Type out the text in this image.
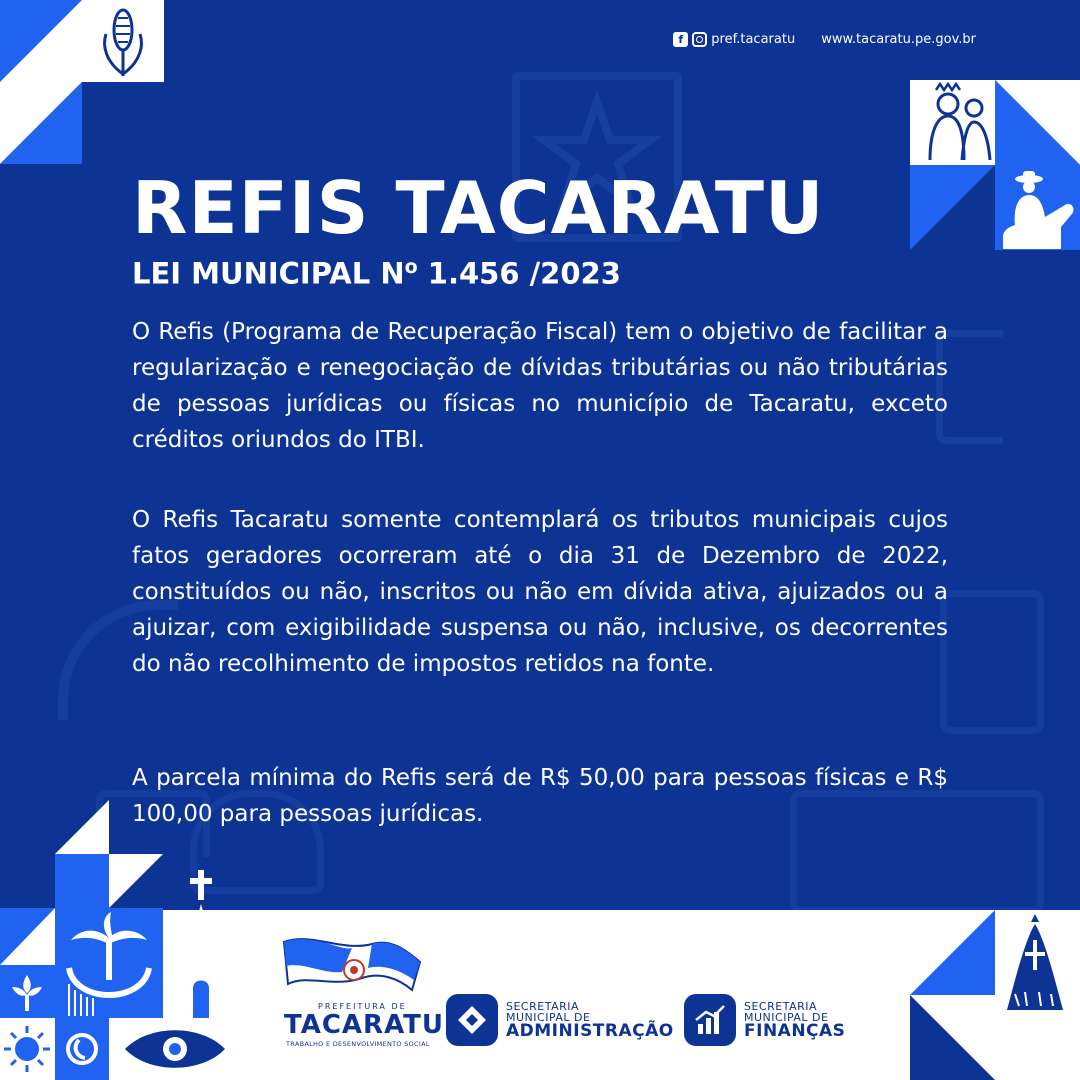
f	pref.tacaratu www.tacaratu.pe.gov.br
REFIS TACARATU
LEI MUNICIPAL $N^o$ 1.456 /2023

O Refis (Programa de Recuperação Fiscal) tem o objetivo de facilitar a regularização e renegociação de dívidas tributárias ou não tributárias de pessoas jurídicas ou físicas no município de Tacaratu, exceto créditos oriundos do ITBI.

O Refis Tacaratu somente contemplará os tributos municipais cujos fatos geradores ocorreram até o dia 31 de Dezembro de 2022, constituídos ou não, inscritos ou não em dívida ativa, ajuizados ou a ajuizar, com exigibilidade suspensa ou não, inclusive, os decorrentes do não recolhimento de impostos retidos na fonte.

A parcela mínima do Refis será de R$ 50,00 para pessoas físicas e R$ 100,00 para pessoas jurídicas.

PREFEITURA DE
TACARATU
TRABALHO E DESENVOLVIMENTO SOCIAL
SECRETARIA
MUNICIPAL DE
ADMINISTRAÇÃO
SECRETARIA
MUNICIPAL DE
FINANÇAS
